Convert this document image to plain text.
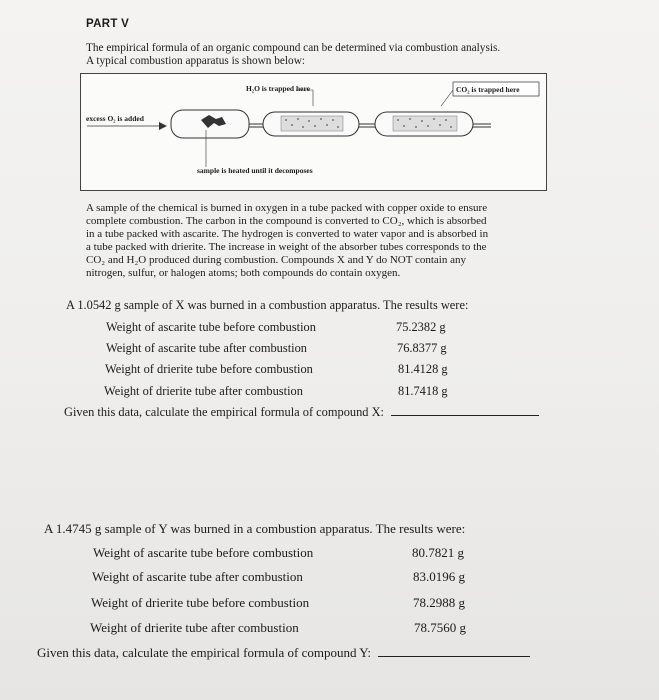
PART V
The empirical formula of an organic compound can be determined via combustion analysis.
A typical combustion apparatus is shown below:
H₂O is trapped here	CO₂ is trapped here
excess O₂ is added
sample is heated until it decomposes
A sample of the chemical is burned in oxygen in a tube packed with copper oxide to ensure
complete combustion. The carbon in the compound is converted to CO₂, which is absorbed
in a tube packed with ascarite. The hydrogen is converted to water vapor and is absorbed in
a tube packed with drierite. The increase in weight of the absorber tubes corresponds to the
CO₂ and H₂O produced during combustion. Compounds X and Y do NOT contain any
nitrogen, sulfur, or halogen atoms; both compounds do contain oxygen.
A 1.0542 g sample of X was burned in a combustion apparatus. The results were:
Weight of ascarite tube before combustion	75.2382 g
Weight of ascarite tube after combustion	76.8377 g
Weight of drierite tube before combustion	81.4128 g
Weight of drierite tube after combustion	81.7418 g
Given this data, calculate the empirical formula of compound X:

A 1.4745 g sample of Y was burned in a combustion apparatus. The results were:
Weight of ascarite tube before combustion	80.7821 g
Weight of ascarite tube after combustion	83.0196 g
Weight of drierite tube before combustion	78.2988 g
Weight of drierite tube after combustion	78.7560 g
Given this data, calculate the empirical formula of compound Y:
